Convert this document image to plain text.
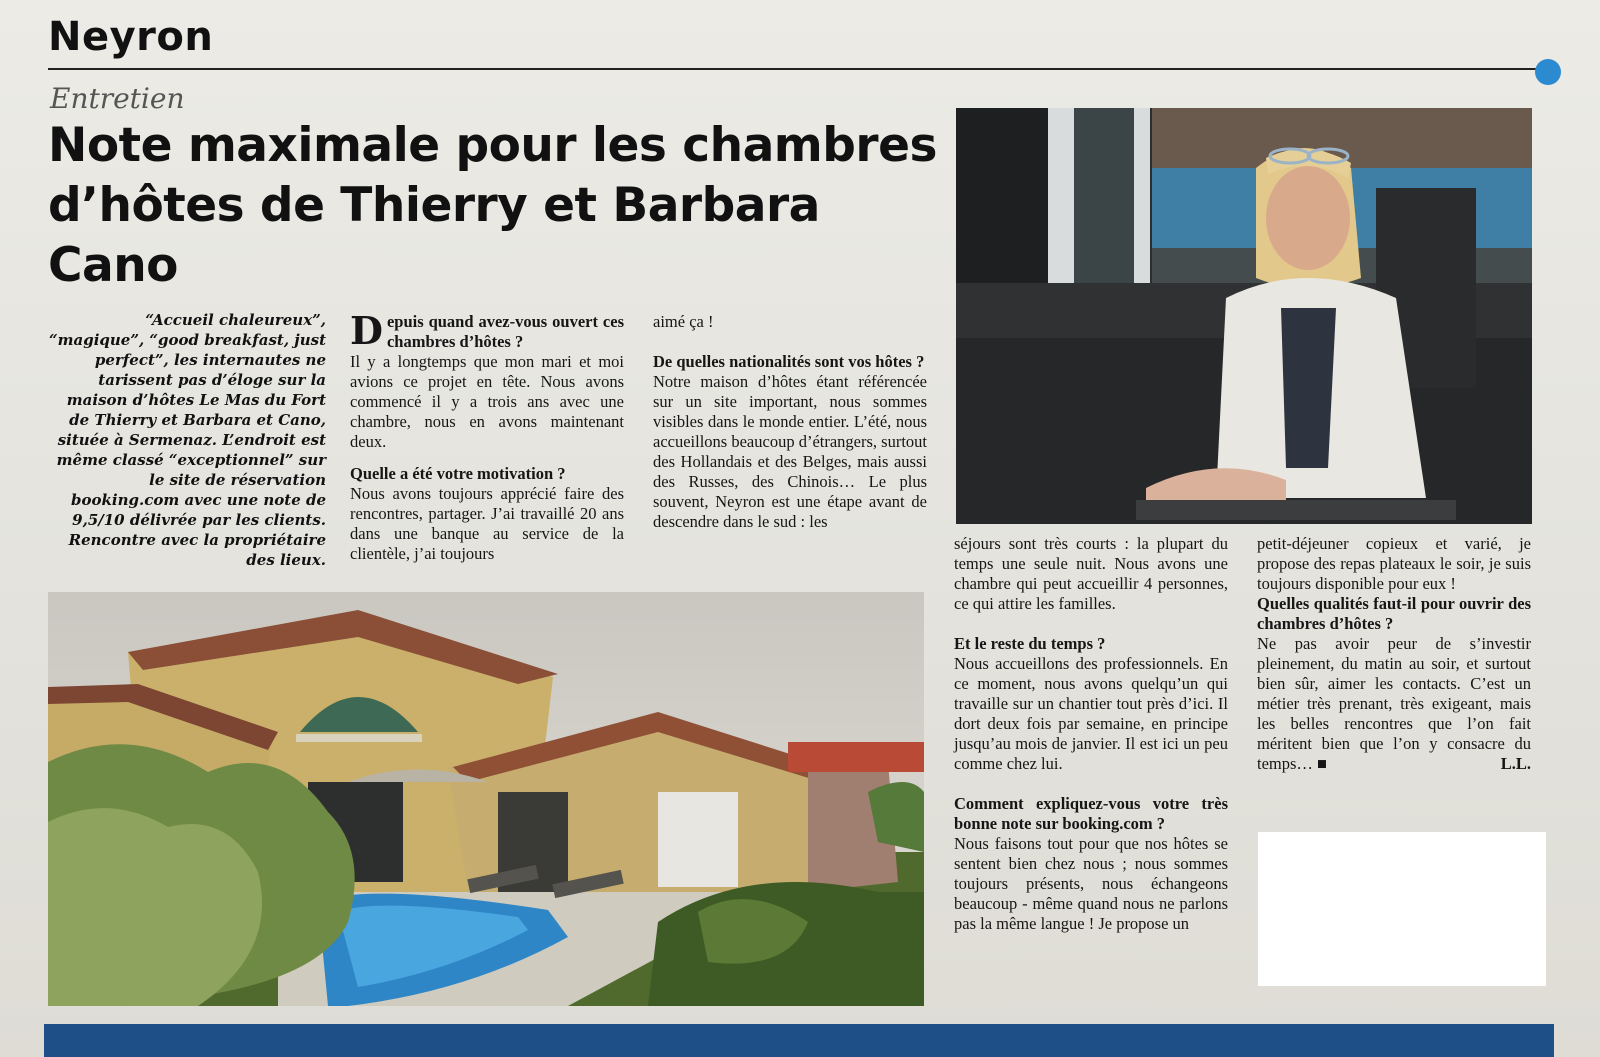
Neyron
Entretien
Note maximale pour les chambres d’hôtes de Thierry et Barbara Cano
“Accueil chaleureux”, “magique”, “good breakfast, just perfect”, les internautes ne tarissent pas d’éloge sur la maison d’hôtes Le Mas du Fort de Thierry et Barbara et Cano, située à Sermenaz. L’endroit est même classé “exceptionnel” sur le site de réservation booking.com avec une note de 9,5/10 délivrée par les clients. Rencontre avec la propriétaire des lieux.

D epuis quand avez-vous ouvert ces chambres d’hôtes ?
Il y a longtemps que mon mari et moi avions ce projet en tête. Nous avons commencé il y a trois ans avec une chambre, nous en avons maintenant deux.

Quelle a été votre motivation ?
Nous avons toujours apprécié faire des rencontres, partager. J’ai travaillé 20 ans dans une banque au service de la clientèle, j’ai toujours

aimé ça !

De quelles nationalités sont vos hôtes ?
Notre maison d’hôtes étant référencée sur un site important, nous sommes visibles dans le monde entier. L’été, nous accueillons beaucoup d’étrangers, surtout des Hollandais et des Belges, mais aussi des Russes, des Chinois… Le plus souvent, Neyron est une étape avant de descendre dans le sud : les

séjours sont très courts : la plupart du temps une seule nuit. Nous avons une chambre qui peut accueillir 4 personnes, ce qui attire les familles.

Et le reste du temps ?
Nous accueillons des professionnels. En ce moment, nous avons quelqu’un qui travaille sur un chantier tout près d’ici. Il dort deux fois par semaine, en principe jusqu’au mois de janvier. Il est ici un peu comme chez lui.

Comment expliquez-vous votre très bonne note sur booking.com ?
Nous faisons tout pour que nos hôtes se sentent bien chez nous ; nous sommes toujours présents, nous échangeons beaucoup - même quand nous ne parlons pas la même langue ! Je propose un

petit-déjeuner copieux et varié, je propose des repas plateaux le soir, je suis toujours disponible pour eux !

Quelles qualités faut-il pour ouvrir des chambres d’hôtes ?
Ne pas avoir peur de s’investir pleinement, du matin au soir, et surtout bien sûr, aimer les contacts. C’est un métier très prenant, très exigeant, mais les belles rencontres que l’on fait méritent bien que l’on y consacre du temps… ■	L.L.
